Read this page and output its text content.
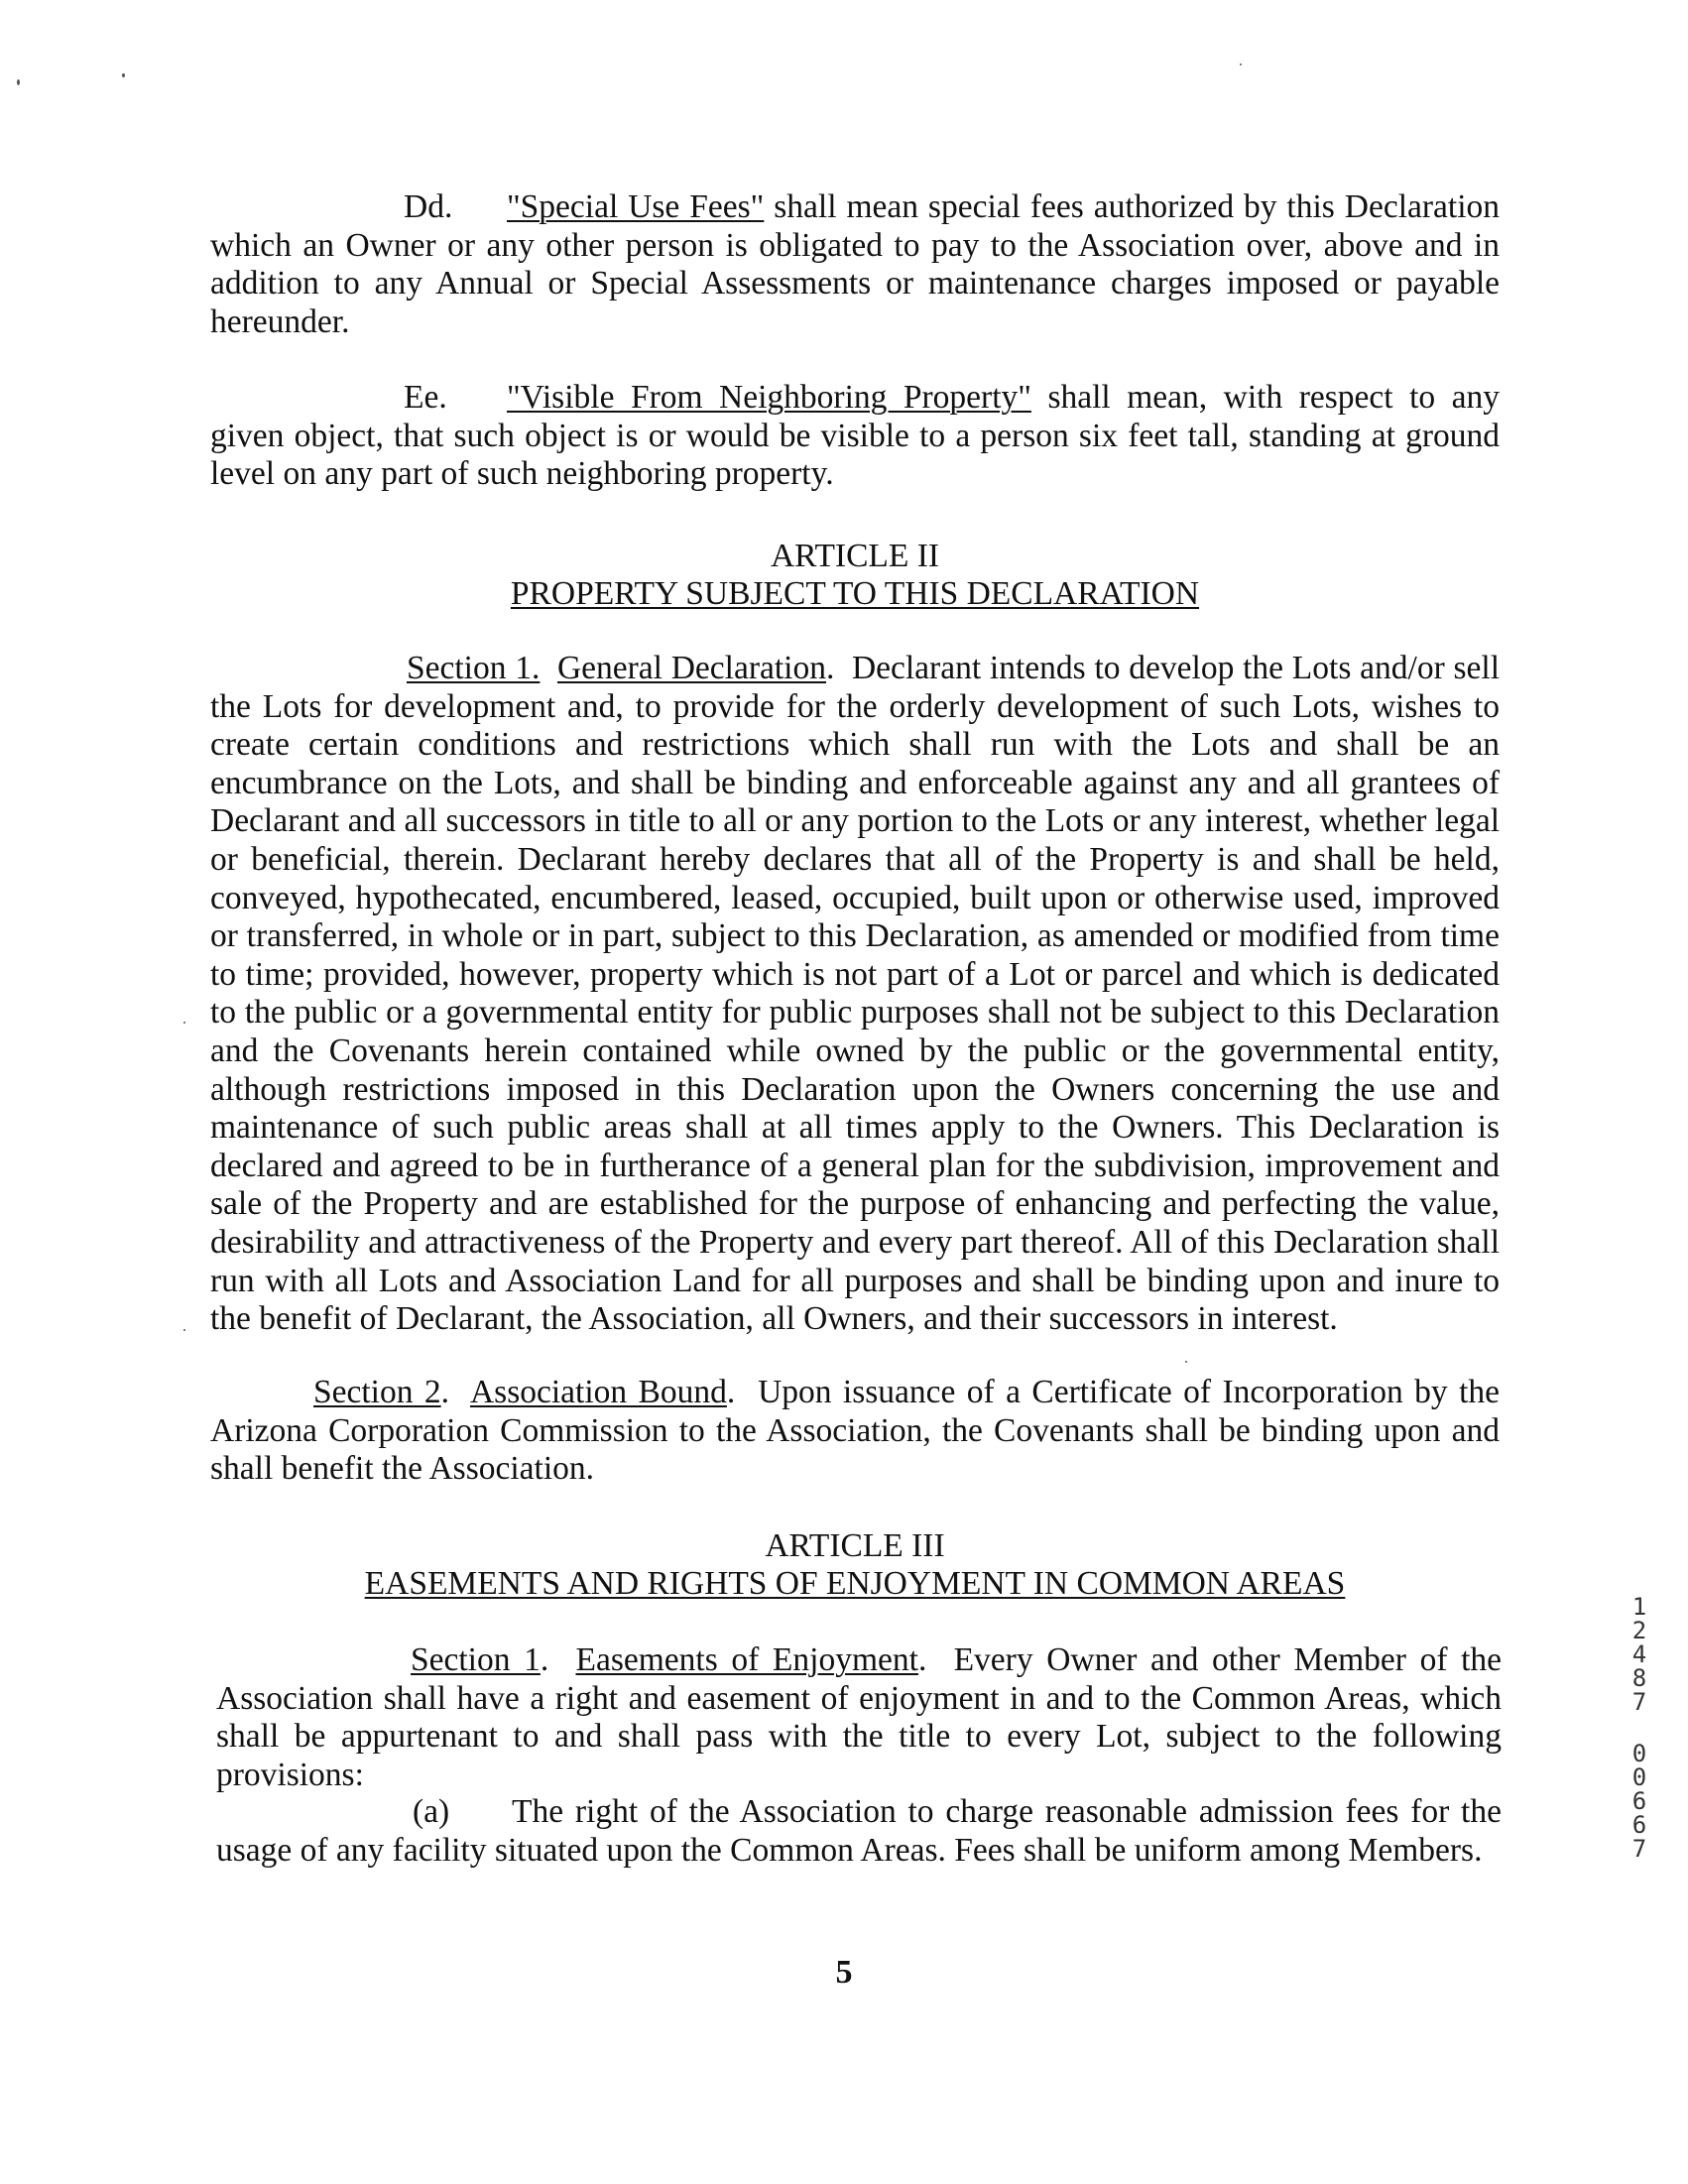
Dd. "Special Use Fees" shall mean special fees authorized by this Declaration which an Owner or any other person is obligated to pay to the Association over, above and in addition to any Annual or Special Assessments or maintenance charges imposed or payable hereunder.

Ee. "Visible From Neighboring Property" shall mean, with respect to any given object, that such object is or would be visible to a person six feet tall, standing at ground level on any part of such neighboring property.

ARTICLE II
PROPERTY SUBJECT TO THIS DECLARATION

Section 1. General Declaration.  Declarant intends to develop the Lots and/or sell the Lots for development and, to provide for the orderly development of such Lots, wishes to create certain conditions and restrictions which shall run with the Lots and shall be an encumbrance on the Lots, and shall be binding and enforceable against any and all grantees of Declarant and all successors in title to all or any portion to the Lots or any interest, whether legal or beneficial, therein. Declarant hereby declares that all of the Property is and shall be held, conveyed, hypothecated, encumbered, leased, occupied, built upon or otherwise used, improved or transferred, in whole or in part, subject to this Declaration, as amended or modified from time to time; provided, however, property which is not part of a Lot or parcel and which is dedicated to the public or a governmental entity for public purposes shall not be subject to this Declaration and the Covenants herein contained while owned by the public or the governmental entity, although restrictions imposed in this Declaration upon the Owners concerning the use and maintenance of such public areas shall at all times apply to the Owners. This Declaration is declared and agreed to be in furtherance of a general plan for the subdivision, improvement and sale of the Property and are established for the purpose of enhancing and perfecting the value, desirability and attractiveness of the Property and every part thereof. All of this Declaration shall run with all Lots and Association Land for all purposes and shall be binding upon and inure to the benefit of Declarant, the Association, all Owners, and their successors in interest.

Section 2.  Association Bound.  Upon issuance of a Certificate of Incorporation by the Arizona Corporation Commission to the Association, the Covenants shall be binding upon and shall benefit the Association.

ARTICLE III
EASEMENTS AND RIGHTS OF ENJOYMENT IN COMMON AREAS

Section 1.  Easements of Enjoyment.  Every Owner and other Member of the Association shall have a right and easement of enjoyment in and to the Common Areas, which shall be appurtenant to and shall pass with the title to every Lot, subject to the following provisions:

(a) The right of the Association to charge reasonable admission fees for the usage of any facility situated upon the Common Areas. Fees shall be uniform among Members.

5
1
2
4
8
7
0
0
6
6
7
